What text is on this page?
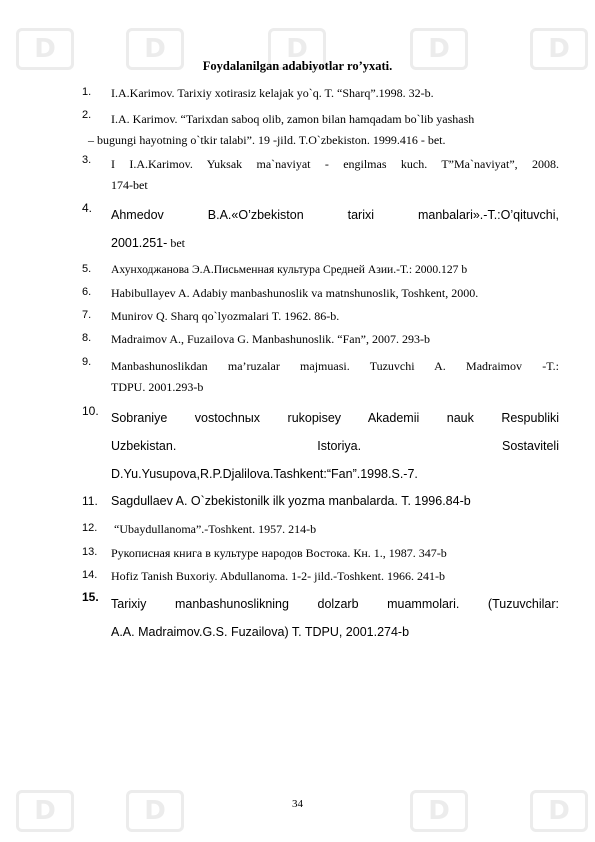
D	D	D	D	D
D	D	D	D
Foydalanilgan adabiyotlar ro’yxati.
1.	I.A.Karimov. Tarixiy xotirasiz kelajak yo`q. T. “Sharq”.1998. 32-b.
2.	I.A. Karimov. “Tarixdan saboq olib, zamon bilan hamqadam bo`lib yashash
– bugungi hayotning o`tkir talabi”. 19 -jild. T.O`zbekiston. 1999.416 - bet.
3.	I I.A.Karimov. Yuksak ma`naviyat - engilmas kuch. T”Ma`naviyat”, 2008.
174-bet
4.	Ahmedov B.A.«O’zbekiston tarixi manbalari».-T.:O’qituvchi,
2001.251- bet
5.	Ахунходжанова Э.А.Письменная культура Средней Азии.-Т.: 2000.127 b
6.	Habibullayev A. Adabiy manbashunoslik va matnshunoslik, Toshkent, 2000.
7.	Munirov Q. Sharq qo`lyozmalari T. 1962. 86-b.
8.	Madraimov A., Fuzailova G. Manbashunoslik. “Fan”, 2007. 293-b
9.	Manbashunoslikdan ma’ruzalar majmuasi. Tuzuvchi A. Madraimov -T.:
TDPU. 2001.293-b
10. Sobraniye vostochnых rukopisey Akademii nauk Respubliki
Uzbekistan. Istoriya. Sostaviteli
D.Yu.Yusupova,R.P.Djalilova.Tashkent:“Fan”.1998.S.-7.
11.	Sagdullaev A. O`zbekistonilk ilk yozma manbalarda. T. 1996.84-b
12.	“Ubaydullanoma”.-Toshkent. 1957. 214-b
13.	Рукописная книга в культуре народов Востока. Кн. 1., 1987. 347-b
14.	Hofiz Tanish Buxoriy. Abdullanoma. 1-2- jild.-Toshkent. 1966. 241-b
15. Tarixiy manbashunoslikning dolzarb muammolari. (Tuzuvchilar:
A.A. Madraimov.G.S. Fuzailova) T. TDPU, 2001.274-b
34
